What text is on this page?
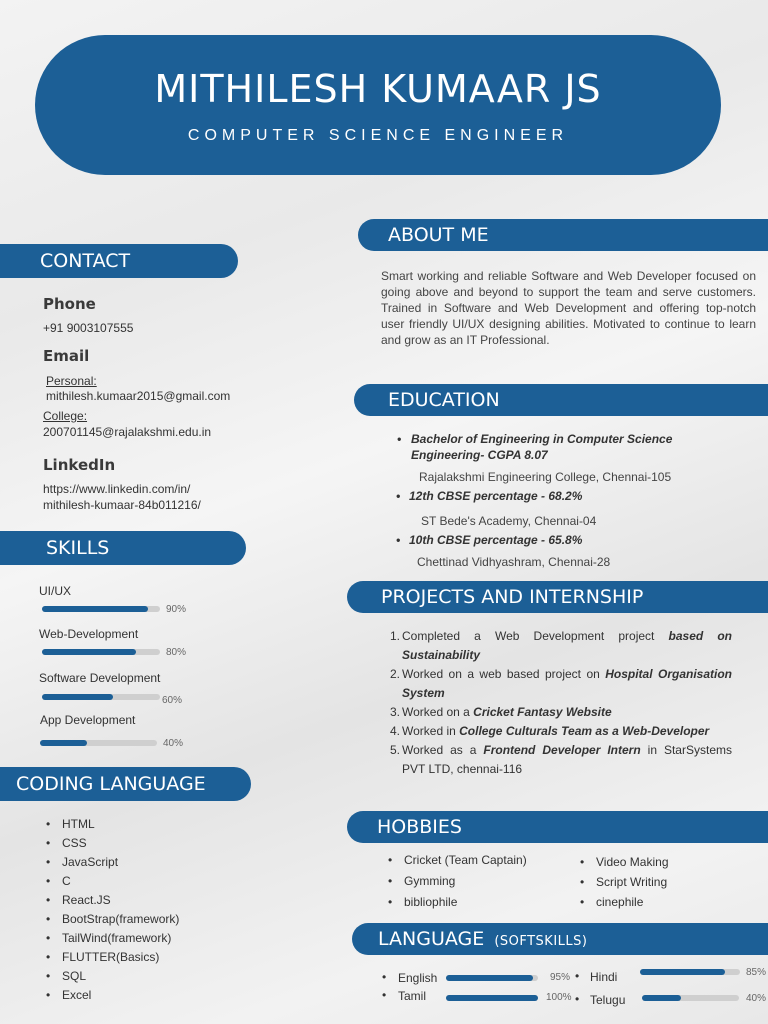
MITHILESH KUMAAR JS
COMPUTER SCIENCE ENGINEER
CONTACT
Phone
+91 9003107555
Email
Personal:
mithilesh.kumaar2015@gmail.com
College:
200701145@rajalakshmi.edu.in
LinkedIn
https://www.linkedin.com/in/
mithilesh-kumaar-84b011216/
SKILLS
UI/UX
90%
Web-Development
80%
Software Development
60%
App Development
40%
CODING LANGUAGE
• HTML
• CSS
• JavaScript
• C
• React.JS
• BootStrap(framework)
• TailWind(framework)
• FLUTTER(Basics)
• SQL
• Excel
ABOUT ME
Smart working and reliable Software and Web Developer focused on going above and beyond to support the team and serve customers. Trained in Software and Web Development and offering top-notch user friendly UI/UX designing abilities. Motivated to continue to learn and grow as an IT Professional.
EDUCATION
• Bachelor of Engineering in Computer Science Engineering- CGPA 8.07
Rajalakshmi Engineering College, Chennai-105
• 12th CBSE percentage - 68.2%
ST Bede's Academy, Chennai-04
• 10th CBSE percentage - 65.8%
Chettinad Vidhyashram, Chennai-28
PROJECTS AND INTERNSHIP
1. Completed a Web Development project based on Sustainability
2. Worked on a web based project on Hospital Organisation System
3. Worked on a Cricket Fantasy Website
4. Worked in College Culturals Team as a Web-Developer
5. Worked as a Frontend Developer Intern in StarSystems PVT LTD, chennai-116
HOBBIES
• Cricket (Team Captain)
• Gymming
• bibliophile
• Video Making
• Script Writing
• cinephile
LANGUAGE (SOFTSKILLS)
• English	95%
• Tamil	100%
• Hindi	85%
• Telugu	40%
